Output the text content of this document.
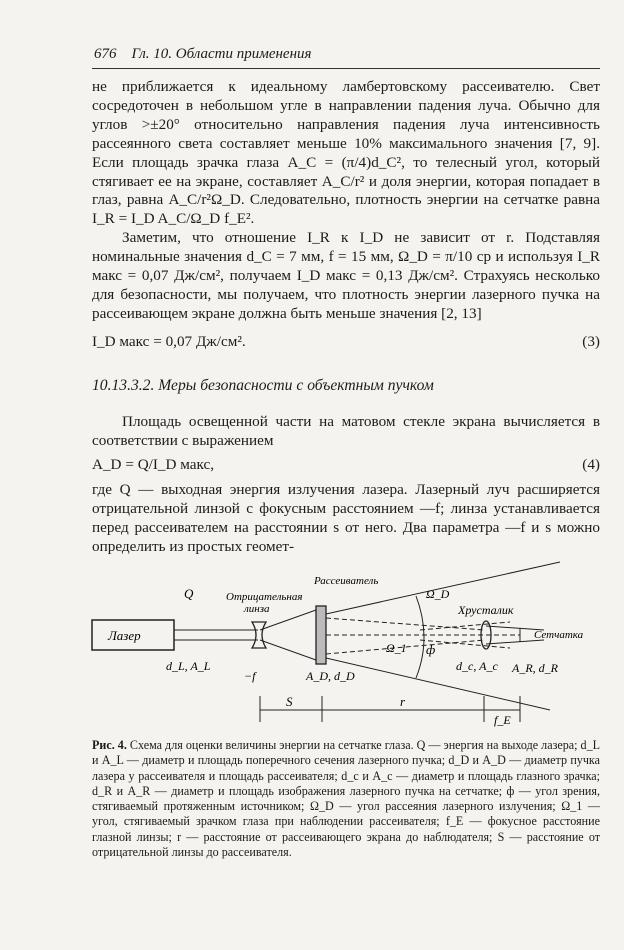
676 Гл. 10. Области применения

не приближается к идеальному ламбертовскому рассеивателю. Свет сосредоточен в небольшом угле в направлении падения луча. Обычно для углов >±20° относительно направления падения луча интенсивность рассеянного света составляет меньше 10% максимального значения [7, 9]. Если площадь зрачка глаза A_C = (π/4)d_C², то телесный угол, который стягивает ее на экране, составляет A_C/r² и доля энергии, которая попадает в глаз, равна A_C/r²Ω_D. Следовательно, плотность энергии на сетчатке равна I_R = I_D A_C/Ω_D f_E².

Заметим, что отношение I_R к I_D не зависит от r. Подставляя номинальные значения d_C = 7 мм, f = 15 мм, Ω_D = π/10 ср и используя I_R макс = 0,07 Дж/см², получаем I_D макс = 0,13 Дж/см². Страхуясь несколько для безопасности, мы получаем, что плотность энергии лазерного пучка на рассеивающем экране должна быть меньше значения [2, 13]

I_D макс = 0,07 Дж/см².	(3)
10.13.3.2. Меры безопасности с объектным пучком

Площадь освещенной части на матовом стекле экрана вычисляется в соответствии с выражением

A_D = Q/I_D макс,	(4)

где Q — выходная энергия излучения лазера. Лазерный луч расширяется отрицательной линзой с фокусным расстоянием —f; линза устанавливается перед рассеивателем на расстоянии s от него. Два параметра —f и s можно определить из простых геомет-

Лазер
Q	Отрицательная
линза
Рассеиватель
Ω_D
Хрусталик
Сетчатка
Ω_1 ф
d_L, A_L
−f	A_D, d_D
d_c, A_c A_R, d_R
S	r
f_E
Рис. 4. Схема для оценки величины энергии на сетчатке глаза. Q — энергия на выходе лазера; d_L и A_L — диаметр и площадь поперечного сечения лазерного пучка; d_D и A_D — диаметр пучка лазера у рассеивателя и площадь рассеивателя; d_c и A_c — диаметр и площадь глазного зрачка; d_R и A_R — диаметр и площадь изображения лазерного пучка на сетчатке; ф — угол зрения, стягиваемый протяженным источником; Ω_D — угол рассеяния лазерного излучения; Ω_1 — угол, стягиваемый зрачком глаза при наблюдении рассеивателя; f_E — фокусное расстояние глазной линзы; r — расстояние от рассеивающего экрана до наблюдателя; S — расстояние от отрицательной линзы до рассеивателя.
